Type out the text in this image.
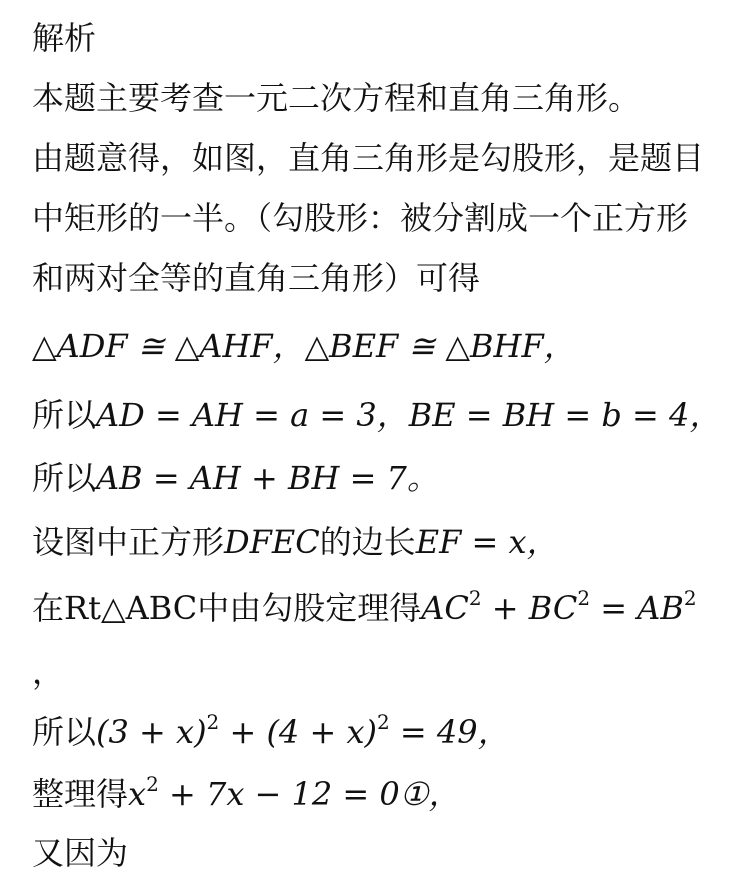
解析
本题主要考查一元二次方程和直角三角形。
由题意得，如图，直角三角形是勾股形，是题目
中矩形的一半。（勾股形：被分割成一个正方形
和两对全等的直角三角形）可得
△ADF ≅ △AHF，△BEF ≅ △BHF，
所以AD = AH = a = 3，BE = BH = b = 4，
所以AB = AH + BH = 7。
设图中正方形DFEC的边长EF = x，
在Rt△ABC中由勾股定理得$AC^2 + BC^2 = AB^2$
，
所以$(3 + x)^2 + (4 + x)^2 = 49$，
整理得$x^2 + 7x - 12$ = 0①，
又因为
